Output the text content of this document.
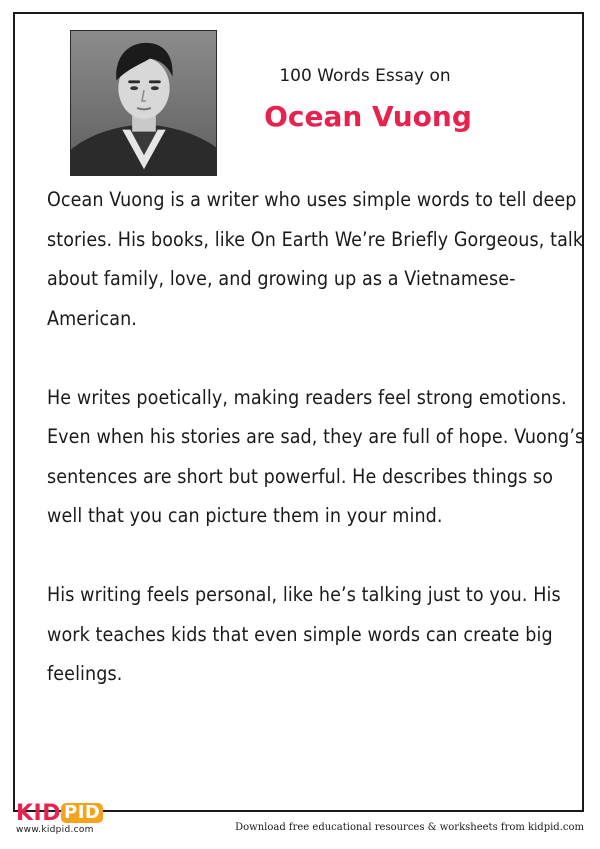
100 Words Essay on
Ocean Vuong

Ocean Vuong is a writer who uses simple words to tell deep stories. His books, like On Earth We’re Briefly Gorgeous, talk about family, love, and growing up as a Vietnamese-American.

He writes poetically, making readers feel strong emotions. Even when his stories are sad, they are full of hope. Vuong’s sentences are short but powerful. He describes things so well that you can picture them in your mind.

His writing feels personal, like he’s talking just to you. His work teaches kids that even simple words can create big feelings.

KID PID
www.kidpid.com	Download free educational resources & worksheets from kidpid.com
